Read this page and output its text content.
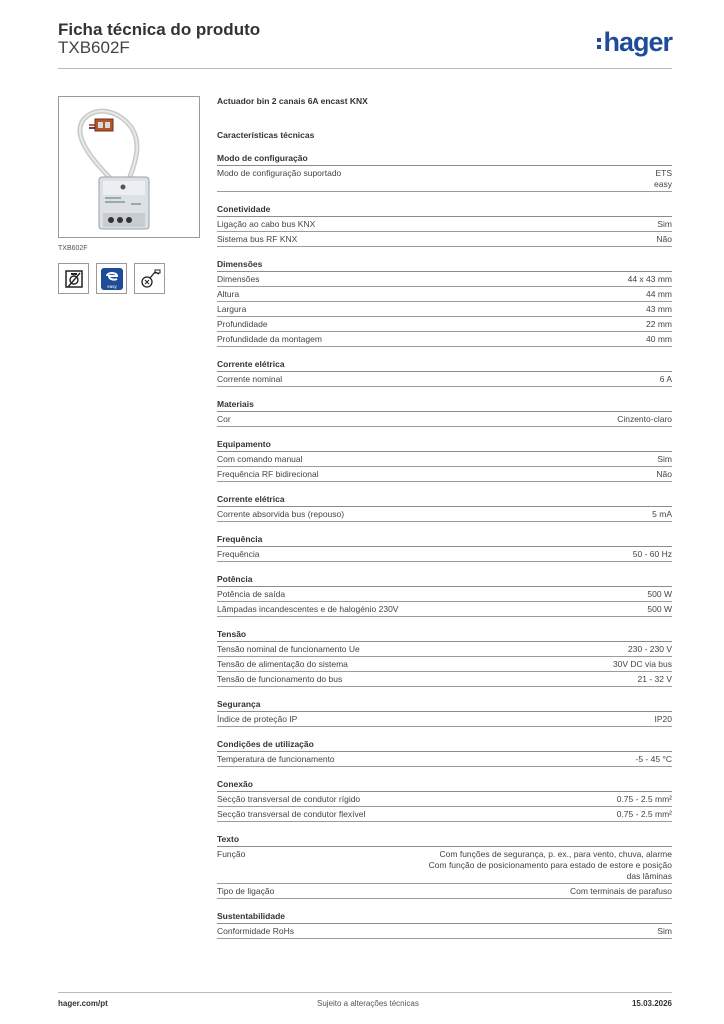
Ficha técnica do produto
TXB602F	hager
TXB602F
easy
Actuador bin 2 canais 6A encast KNX
Características técnicas
Modo de configuração
Modo de configuração suportado	ETS
easy
Conetividade
Ligação ao cabo bus KNX	Sim
Sistema bus RF KNX	Não
Dimensões
Dimensões	44 x 43 mm
Altura	44 mm
Largura	43 mm
Profundidade	22 mm
Profundidade da montagem	40 mm
Corrente elétrica
Corrente nominal	6 A
Materiais
Cor	Cinzento-claro
Equipamento
Com comando manual	Sim
Frequência RF bidirecional	Não
Corrente elétrica
Corrente absorvida bus (repouso)	5 mA
Frequência
Frequência	50 - 60 Hz
Potência
Potência de saída	500 W
Lâmpadas incandescentes e de halogénio 230V	500 W
Tensão
Tensão nominal de funcionamento Ue	230 - 230 V
Tensão de alimentação do sistema	30V DC via bus
Tensão de funcionamento do bus	21 - 32 V
Segurança
Índice de proteção IP	IP20
Condições de utilização
Temperatura de funcionamento	-5 - 45 °C
Conexão
Secção transversal de condutor rígido	0.75 - 2.5 mm²
Secção transversal de condutor flexível	0.75 - 2.5 mm²
Texto
Função	Com funções de segurança, p. ex., para vento, chuva, alarme
Com função de posicionamento para estado de estore e posição das lâminas
Tipo de ligação	Com terminais de parafuso
Sustentabilidade
Conformidade RoHs	Sim
hager.com/pt	Sujeito a alterações técnicas	15.03.2026
